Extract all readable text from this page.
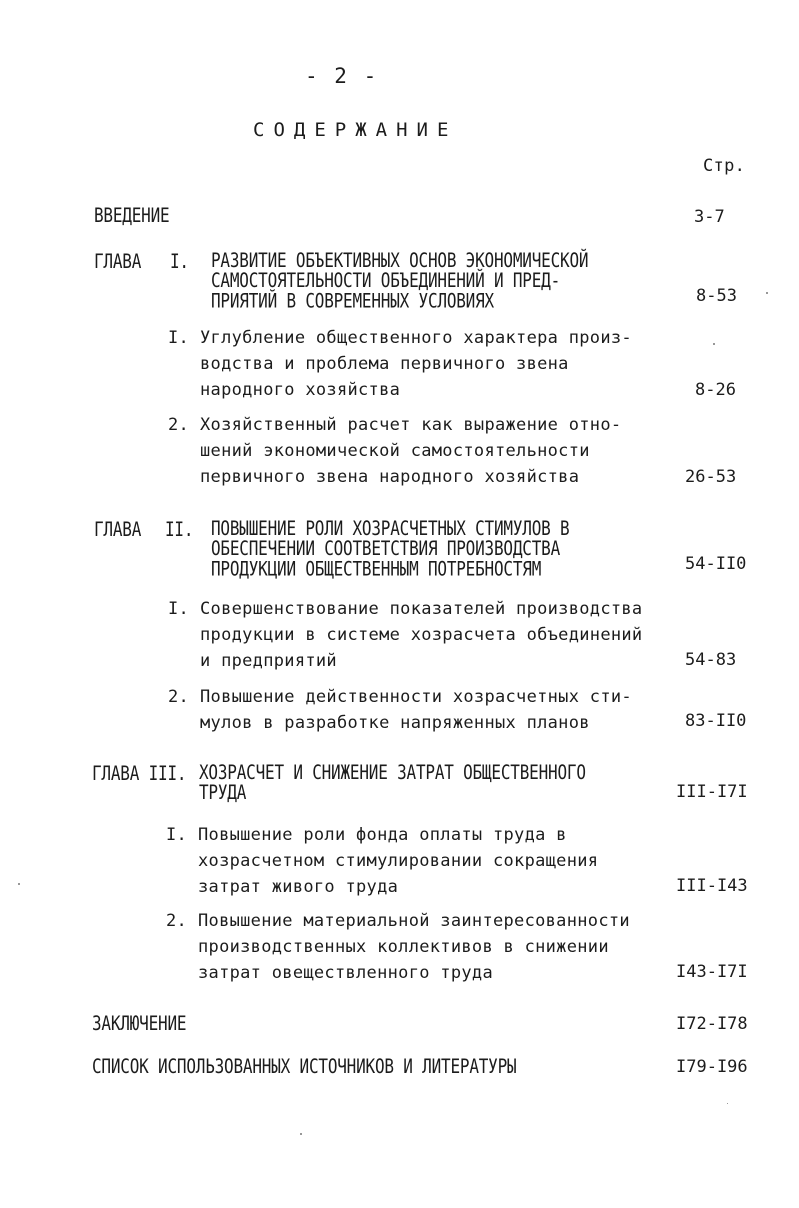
- 2 -
СОДЕРЖАНИЕ
Стр.
ВВЕДЕНИЕ	3-7
ГЛАВА I. РАЗВИТИЕ ОБЪЕКТИВНЫХ ОСНОВ ЭКОНОМИЧЕСКОЙ
САМОСТОЯТЕЛЬНОСТИ ОБЪЕДИНЕНИЙ И ПРЕД-
ПРИЯТИЙ В СОВРЕМЕННЫХ УСЛОВИЯХ	8-53
I. Углубление общественного характера произ-
водства и проблема первичного звена
народного хозяйства	8-26
2. Хозяйственный расчет как выражение отно-
шений экономической самостоятельности
первичного звена народного хозяйства	26-53
ГЛАВА II. ПОВЫШЕНИЕ РОЛИ ХОЗРАСЧЕТНЫХ СТИМУЛОВ В
ОБЕСПЕЧЕНИИ СООТВЕТСТВИЯ ПРОИЗВОДСТВА
ПРОДУКЦИИ ОБЩЕСТВЕННЫМ ПОТРЕБНОСТЯМ	54-II0
I. Совершенствование показателей производства
продукции в системе хозрасчета объединений
и предприятий	54-83
2. Повышение действенности хозрасчетных сти-
мулов в разработке напряженных планов	83-II0
ГЛАВА III. ХОЗРАСЧЕТ И СНИЖЕНИЕ ЗАТРАТ ОБЩЕСТВЕННОГО
ТРУДА	III-I7I
I. Повышение роли фонда оплаты труда в
хозрасчетном стимулировании сокращения
затрат живого труда	III-I43
2. Повышение материальной заинтересованности
производственных коллективов в снижении
затрат овеществленного труда	I43-I7I
ЗАКЛЮЧЕНИЕ	I72-I78
СПИСОК ИСПОЛЬЗОВАННЫХ ИСТОЧНИКОВ И ЛИТЕРАТУРЫ	I79-I96
